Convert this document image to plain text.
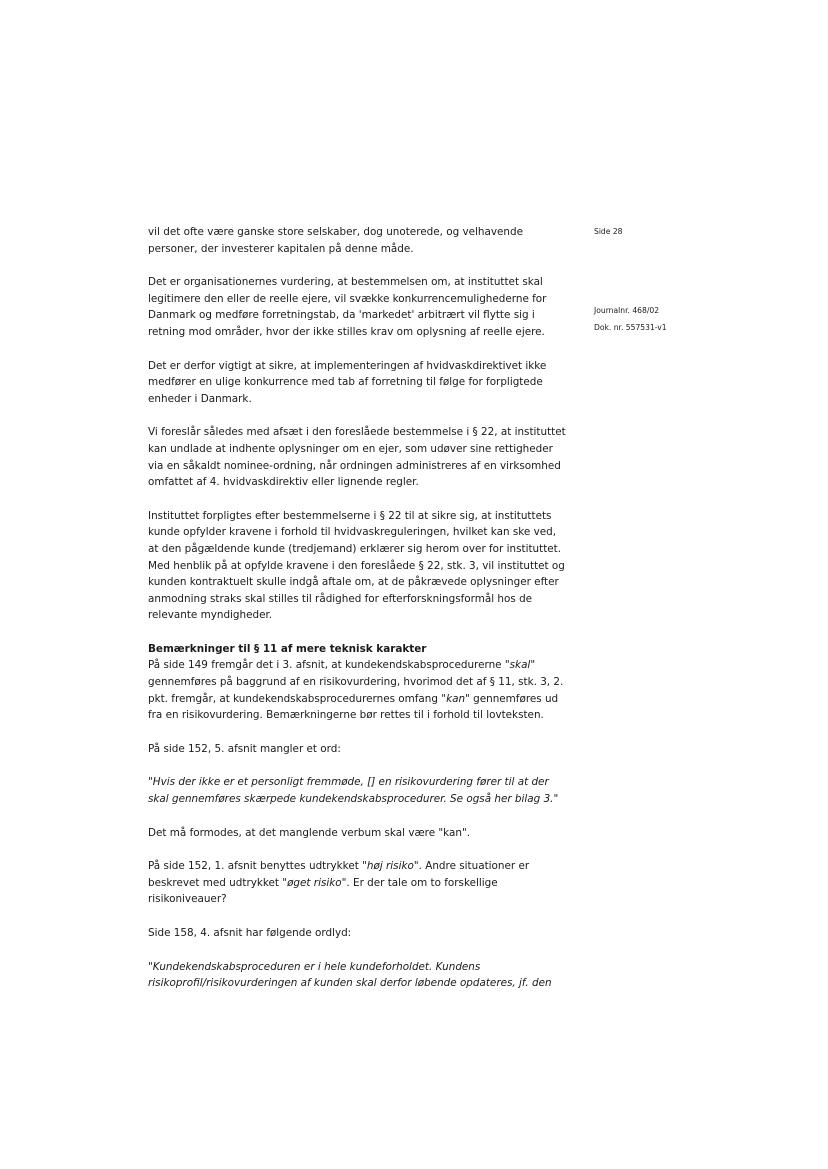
Side 28
Journalnr. 468/02
Dok. nr. 557531-v1

vil det ofte være ganske store selskaber, dog unoterede, og velhavende personer, der investerer kapitalen på denne måde.

Det er organisationernes vurdering, at bestemmelsen om, at instituttet skal legitimere den eller de reelle ejere, vil svække konkurrencemulighederne for Danmark og medføre forretningstab, da 'markedet' arbitrært vil flytte sig i retning mod områder, hvor der ikke stilles krav om oplysning af reelle ejere.

Det er derfor vigtigt at sikre, at implementeringen af hvidvaskdirektivet ikke medfører en ulige konkurrence med tab af forretning til følge for forpligtede enheder i Danmark.

Vi foreslår således med afsæt i den foreslåede bestemmelse i § 22, at instituttet kan undlade at indhente oplysninger om en ejer, som udøver sine rettigheder via en såkaldt nominee-ordning, når ordningen administreres af en virksomhed omfattet af 4. hvidvaskdirektiv eller lignende regler.

Instituttet forpligtes efter bestemmelserne i § 22 til at sikre sig, at instituttets kunde opfylder kravene i forhold til hvidvaskreguleringen, hvilket kan ske ved, at den pågældende kunde (tredjemand) erklærer sig herom over for instituttet. Med henblik på at opfylde kravene i den foreslåede § 22, stk. 3, vil instituttet og kunden kontraktuelt skulle indgå aftale om, at de påkrævede oplysninger efter anmodning straks skal stilles til rådighed for efterforskningsformål hos de relevante myndigheder.

Bemærkninger til § 11 af mere teknisk karakter

På side 149 fremgår det i 3. afsnit, at kundekendskabsprocedurerne "skal" gennemføres på baggrund af en risikovurdering, hvorimod det af § 11, stk. 3, 2. pkt. fremgår, at kundekendskabsprocedurernes omfang "kan" gennemføres ud fra en risikovurdering. Bemærkningerne bør rettes til i forhold til lovteksten.

På side 152, 5. afsnit mangler et ord:

"Hvis der ikke er et personligt fremmøde, [] en risikovurdering fører til at der skal gennemføres skærpede kundekendskabsprocedurer. Se også her bilag 3."

Det må formodes, at det manglende verbum skal være "kan".

På side 152, 1. afsnit benyttes udtrykket "høj risiko". Andre situationer er beskrevet med udtrykket "øget risiko". Er der tale om to forskellige risikoniveauer?

Side 158, 4. afsnit har følgende ordlyd:

"Kundekendskabsproceduren er i hele kundeforholdet. Kundens risikoprofil/risikovurderingen af kunden skal derfor løbende opdateres, jf. den
